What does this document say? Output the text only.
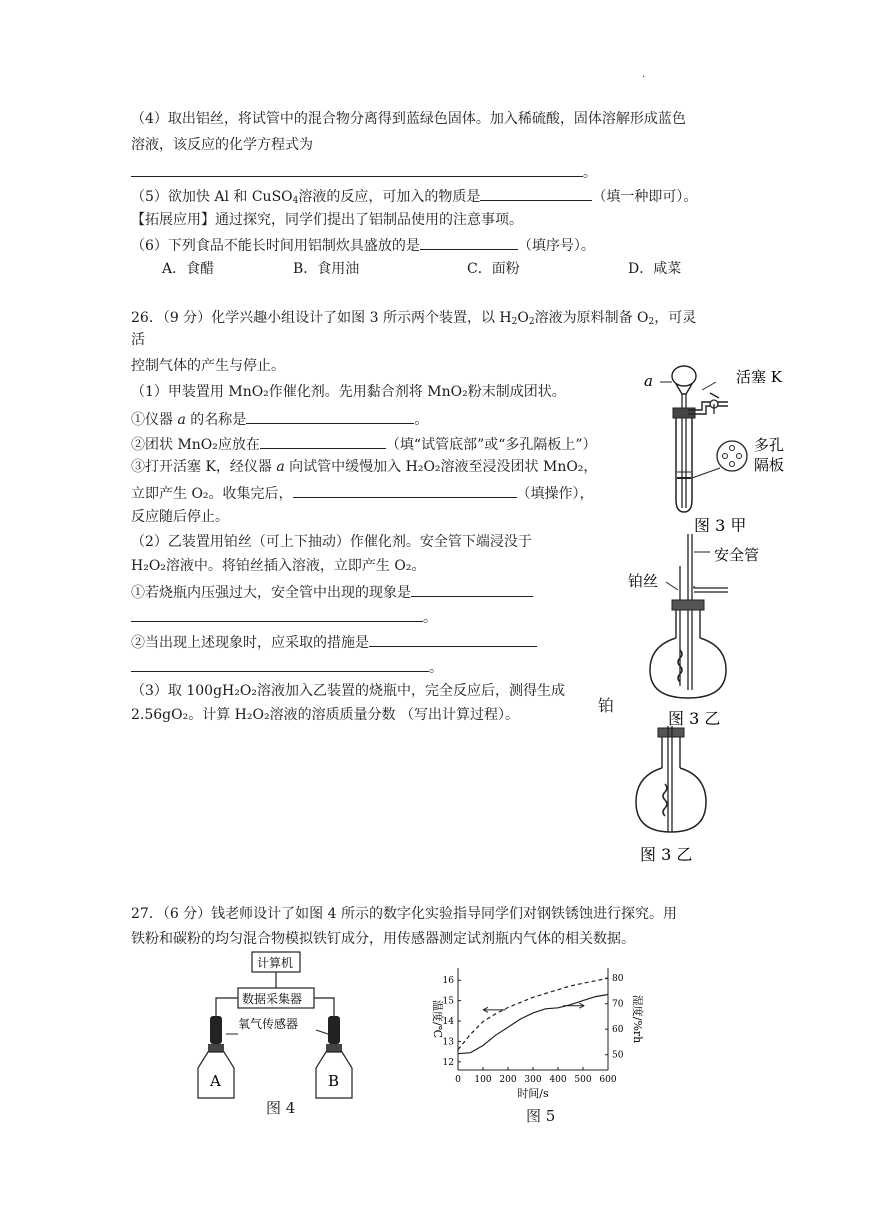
.
（4）取出铝丝，将试管中的混合物分离得到蓝绿色固体。加入稀硫酸，固体溶解形成蓝色
溶液，该反应的化学方程式为
。
（5）欲加快 Al 和 CuSO$_4$溶液的反应，可加入的物质是	（填一种即可）。
【拓展应用】通过探究，同学们提出了铝制品使用的注意事项。
（6）下列食品不能长时间用铝制炊具盛放的是	（填序号）。
A．食醋	B．食用油	C．面粉	D．咸菜
26．（9 分）化学兴趣小组设计了如图 3 所示两个装置，以 $H_2O_2$溶液为原料制备 $O_2$，可灵
活
控制气体的产生与停止。
（1）甲装置用 MnO₂作催化剂。先用黏合剂将 MnO₂粉末制成团状。
①仪器 a 的名称是	。
②团状 MnO₂应放在	（填“试管底部”或“多孔隔板上”）
③打开活塞 K，经仪器 a 向试管中缓慢加入 H₂O₂溶液至浸没团状 MnO₂，
立即产生 O₂。收集完后，	（填操作），
反应随后停止。
（2）乙装置用铂丝（可上下抽动）作催化剂。安全管下端浸没于
H₂O₂溶液中。将铂丝插入溶液，立即产生 O₂。
①若烧瓶内压强过大，安全管中出现的现象是
。
②当出现上述现象时，应采取的措施是
。
（3）取 100gH₂O₂溶液加入乙装置的烧瓶中，完全反应后，测得生成
2.56gO₂。计算 H₂O₂溶液的溶质质量分数 （写出计算过程）。
a	活塞 K
多孔
隔板
图 3 甲
安全管
铂丝
图 3 乙
铂
图 3 乙
27．（6 分）钱老师设计了如图 4 所示的数字化实验指导同学们对钢铁锈蚀进行探究。用
铁粉和碳粉的均匀混合物模拟铁钉成分，用传感器测定试剂瓶内气体的相关数据。
计算机
数据采集器
氧气传感器
A	B
图 4
0 100 200 300 400 500 600
12
13
14
15
16
50
60
70
80
时间/s
温度/℃	湿度/%rh
图 5
